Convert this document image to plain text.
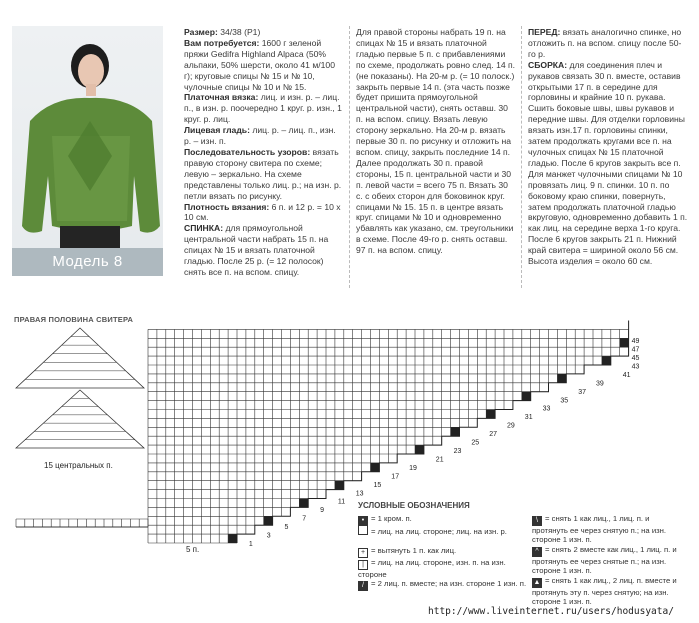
Модель 8

Размер: 34/38 (Р1)

Вам потребуется: 1600 г зеленой пряжи Gedifra Highland Alpaca (50% альпаки, 50% шерсти, около 41 м/100 г); круговые спицы № 15 и № 10, чулочные спицы № 10 и № 15.

Платочная вязка: лиц. и изн. р. – лиц. п., в изн. р. поочередно 1 круг. р. изн., 1 круг. р. лиц.

Лицевая гладь: лиц. р. – лиц. п., изн. р. – изн. п.

Последовательность узоров: вязать правую сторону свитера по схеме; левую – зеркально. На схеме представлены только лиц. р.; на изн. р. петли вязать по рисунку.

Плотность вязания: 6 п. и 12 р. = 10 х 10 см.

СПИНКА: для прямоугольной центральной части набрать 15 п. на спицах № 15 и вязать платочной гладью. После 25 р. (= 12 полосок) снять все п. на вспом. спицу.

Для правой стороны набрать 19 п. на спицах № 15 и вязать платочной гладью первые 5 п. с прибавлениями по схеме, продолжать ровно след. 14 п. (не показаны). На 20-м р. (= 10 полоск.) закрыть первые 14 п. (эта часть позже будет пришита прямоугольной центральной части), снять оставш. 30 п. на вспом. спицу. Вязать левую сторону зеркально. На 20-м р. вязать первые 30 п. по рисунку и отложить на вспом. спицу, закрыть последние 14 п. Далее продолжать 30 п. правой стороны, 15 п. центральной части и 30 п. левой части = всего 75 п. Вязать 30 с. с обеих сторон для боковинок круг. спицами № 15. 15 п. в центре вязать круг. спицами № 10 и одновременно убавлять как указано, см. треугольники в схеме. После 49-го р. снять оставш. 97 п. на вспом. спицу.

ПЕРЕД: вязать аналогично спинке, но отложить п. на вспом. спицу после 50-го р.

СБОРКА: для соединения плеч и рукавов связать 30 п. вместе, оставив открытыми 17 п. в середине для горловины и крайние 10 п. рукава. Сшить боковые швы, швы рукавов и передние швы. Для отделки горловины вязать изн.17 п. горловины спинки, затем продолжать кругами все п. на чулочных спицах № 15 платочной гладью. После 6 кругов закрыть все п. Для манжет чулочными спицами № 10 провязать лиц. 9 п. спинки. 10 п. по боковому краю спинки, повернуть, затем продолжать платочной гладью вкруговую, одновременно добавить 1 п. как лиц. на середине верха 1-го круга. После 6 кругов закрыть 21 п. Нижний край свитера = шириной около 56 см. Высота изделия = около 60 см.

ПРАВАЯ ПОЛОВИНА СВИТЕРА
49
47
45
43
41
39
37
35
33
31
29
27
25
23
21
19
17
15
13
11
9
7
5
3
1
15 центральных п.
5 п.
УСЛОВНЫЕ ОБОЗНАЧЕНИЯ
• = 1 кром. п.
= лиц. на лиц. стороне; лиц. на изн. р.
+ = вытянуть 1 п. как лиц.
| = лиц. на лиц. стороне, изн. п. на изн. стороне
/ = 2 лиц. п. вместе; на изн. стороне 1 изн. п.
\ = снять 1 как лиц., 1 лиц. п. и протянуть ее через снятую п.; на изн. стороне 1 изн. п.
^ = снять 2 вместе как лиц., 1 лиц. п. и протянуть ее через снятые п.; на изн. стороне 1 изн. п.
▲ = снять 1 как лиц., 2 лиц. п. вместе и протянуть эту п. через снятую; на изн. стороне 1 изн. п.
http://www.liveinternet.ru/users/hodusyata/
